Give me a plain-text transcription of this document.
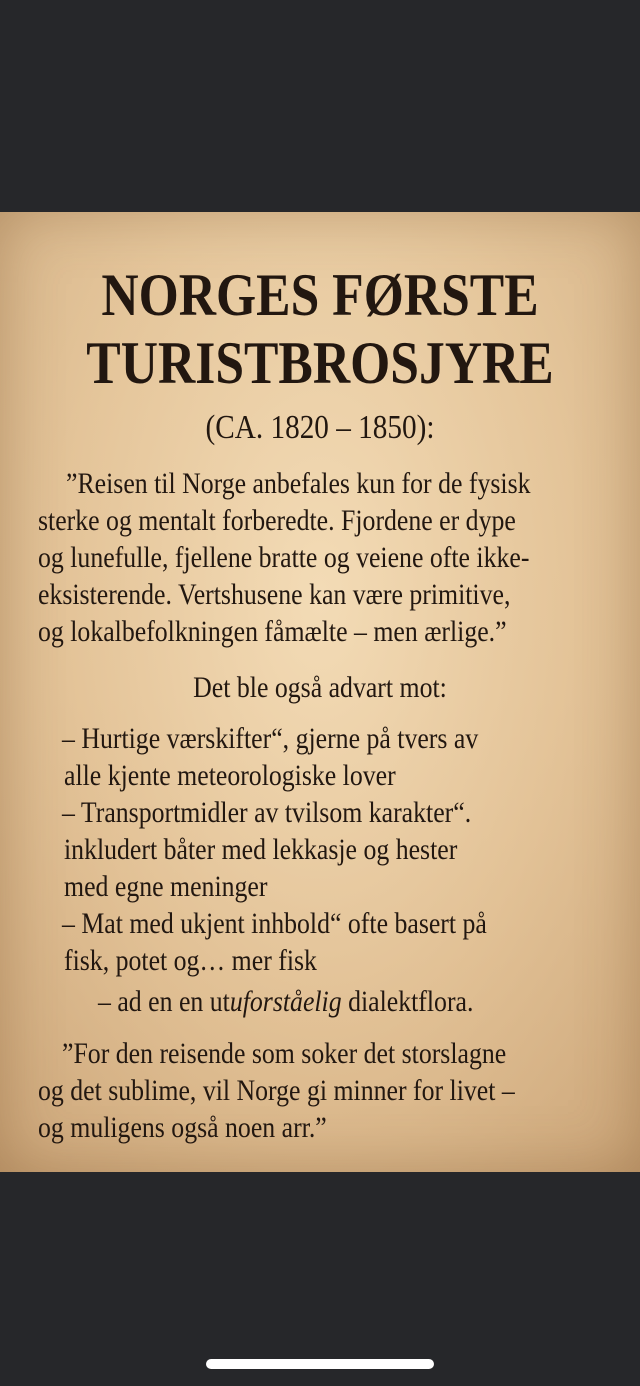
NORGES FØRSTE
TURISTBROSJYRE
(CA. 1820 – 1850):
”Reisen til Norge anbefales kun for de fysisk
sterke og mentalt forberedte. Fjordene er dype
og lunefulle, fjellene bratte og veiene ofte ikke-
eksisterende. Vertshusene kan være primitive,
og lokalbefolkningen fåmælte – men ærlige.”
Det ble også advart mot:
– Hurtige værskifter“, gjerne på tvers av
alle kjente meteorologiske lover
– Transportmidler av tvilsom karakter“.
inkludert båter med lekkasje og hester
med egne meninger
– Mat med ukjent inhbold“ ofte basert på
fisk, potet og… mer fisk
– ad en en utuforståelig dialektflora.
”For den reisende som soker det storslagne
og det sublime, vil Norge gi minner for livet –
og muligens også noen arr.”
